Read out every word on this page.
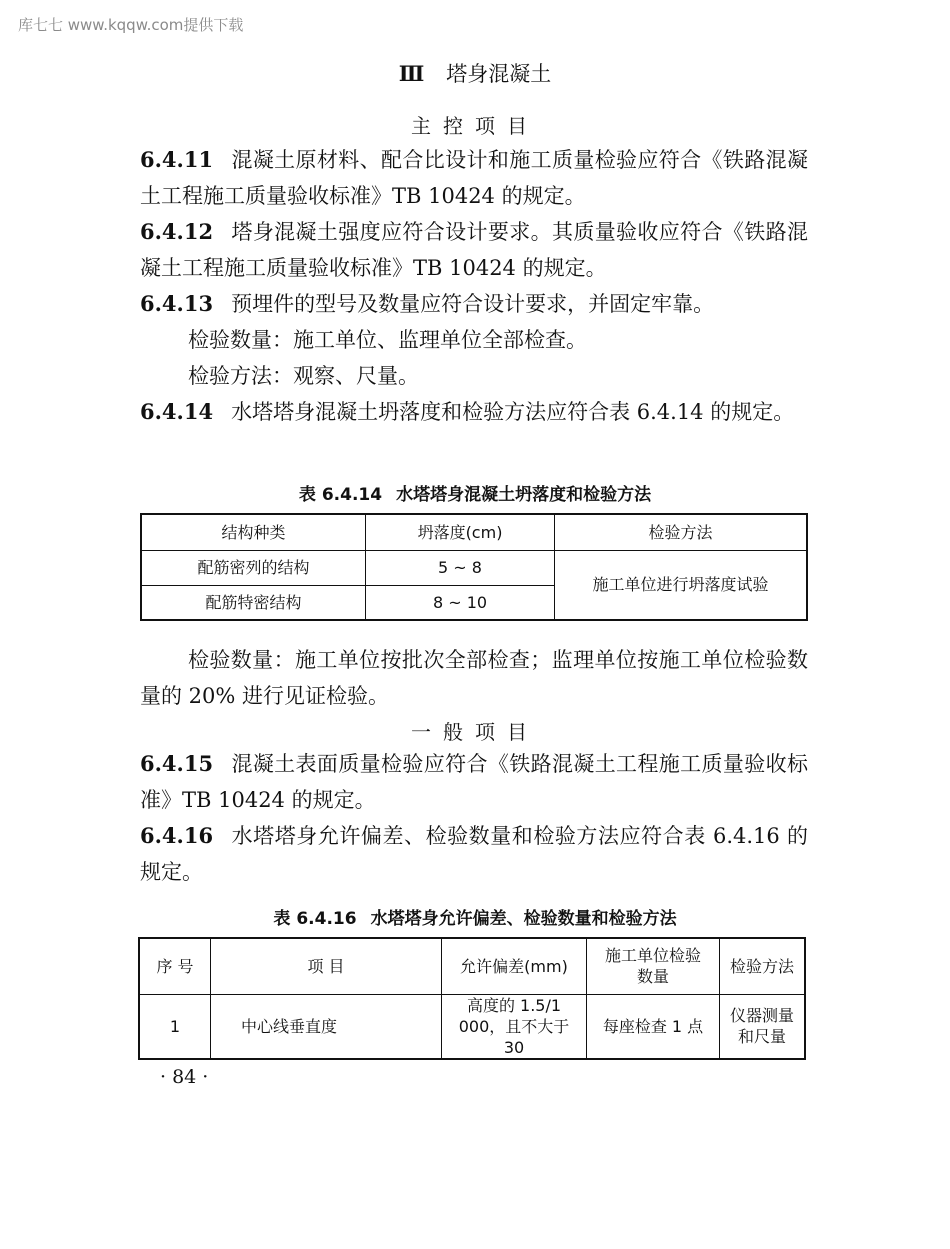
库七七 www.kqqw.com提供下载
Ⅲ 塔身混凝土
主控项目
6.4.11 混凝土原材料、配合比设计和施工质量检验应符合《铁路混凝土工程施工质量验收标准》TB 10424 的规定。
6.4.12 塔身混凝土强度应符合设计要求。其质量验收应符合《铁路混凝土工程施工质量验收标准》TB 10424 的规定。
6.4.13 预埋件的型号及数量应符合设计要求，并固定牢靠。
检验数量：施工单位、监理单位全部检查。
检验方法：观察、尺量。
6.4.14 水塔塔身混凝土坍落度和检验方法应符合表 6.4.14 的规定。
表 6.4.14 水塔塔身混凝土坍落度和检验方法
结构种类	坍落度(cm)	检验方法
配筋密列的结构	5 ~ 8	施工单位进行坍落度试验
配筋特密结构	8 ~ 10	
检验数量：施工单位按批次全部检查；监理单位按施工单位检验数量的 20% 进行见证检验。
一般项目
6.4.15 混凝土表面质量检验应符合《铁路混凝土工程施工质量验收标准》TB 10424 的规定。
6.4.16 水塔塔身允许偏差、检验数量和检验方法应符合表 6.4.16 的规定。
表 6.4.16 水塔塔身允许偏差、检验数量和检验方法
序 号	项 目	允许偏差(mm)	施工单位检验数量	检验方法
1	中心线垂直度	高度的 1.5/1 000，且不大于 30	每座检查 1 点	仪器测量和尺量
· 84 ·
